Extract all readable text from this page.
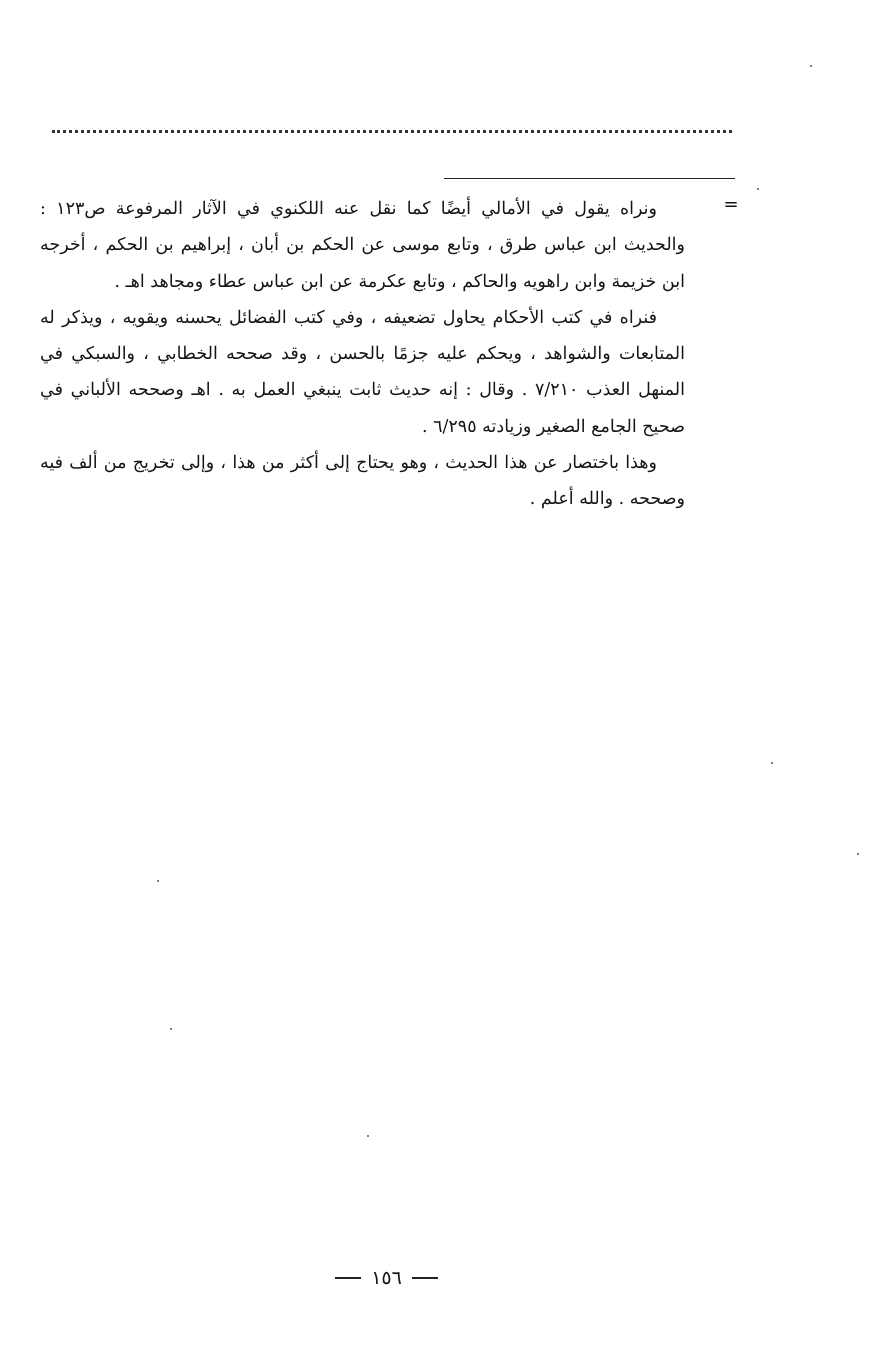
=

ونراه يقول في الأمالي أيضًا كما نقل عنه اللكنوي في الآثار المرفوعة ص١٢٣ : والحديث ابن عباس طرق ، وتابع موسى عن الحكم بن أبان ، إبراهيم بن الحكم ، أخرجه ابن خزيمة وابن راهويه والحاكم ، وتابع عكرمة عن ابن عباس عطاء ومجاهد اهـ .

فنراه في كتب الأحكام يحاول تضعيفه ، وفي كتب الفضائل يحسنه ويقويه ، ويذكر له المتابعات والشواهد ، ويحكم عليه جزمًا بالحسن ، وقد صححه الخطابي ، والسبكي في المنهل العذب ٧/٢١٠ . وقال : إنه حديث ثابت ينبغي العمل به . اهـ وصححه الألباني في صحيح الجامع الصغير وزيادته ٦/٢٩٥ .

وهذا باختصار عن هذا الحديث ، وهو يحتاج إلى أكثر من هذا ، وإلى تخريج من ألف فيه وصححه . والله أعلم .

١٥٦
